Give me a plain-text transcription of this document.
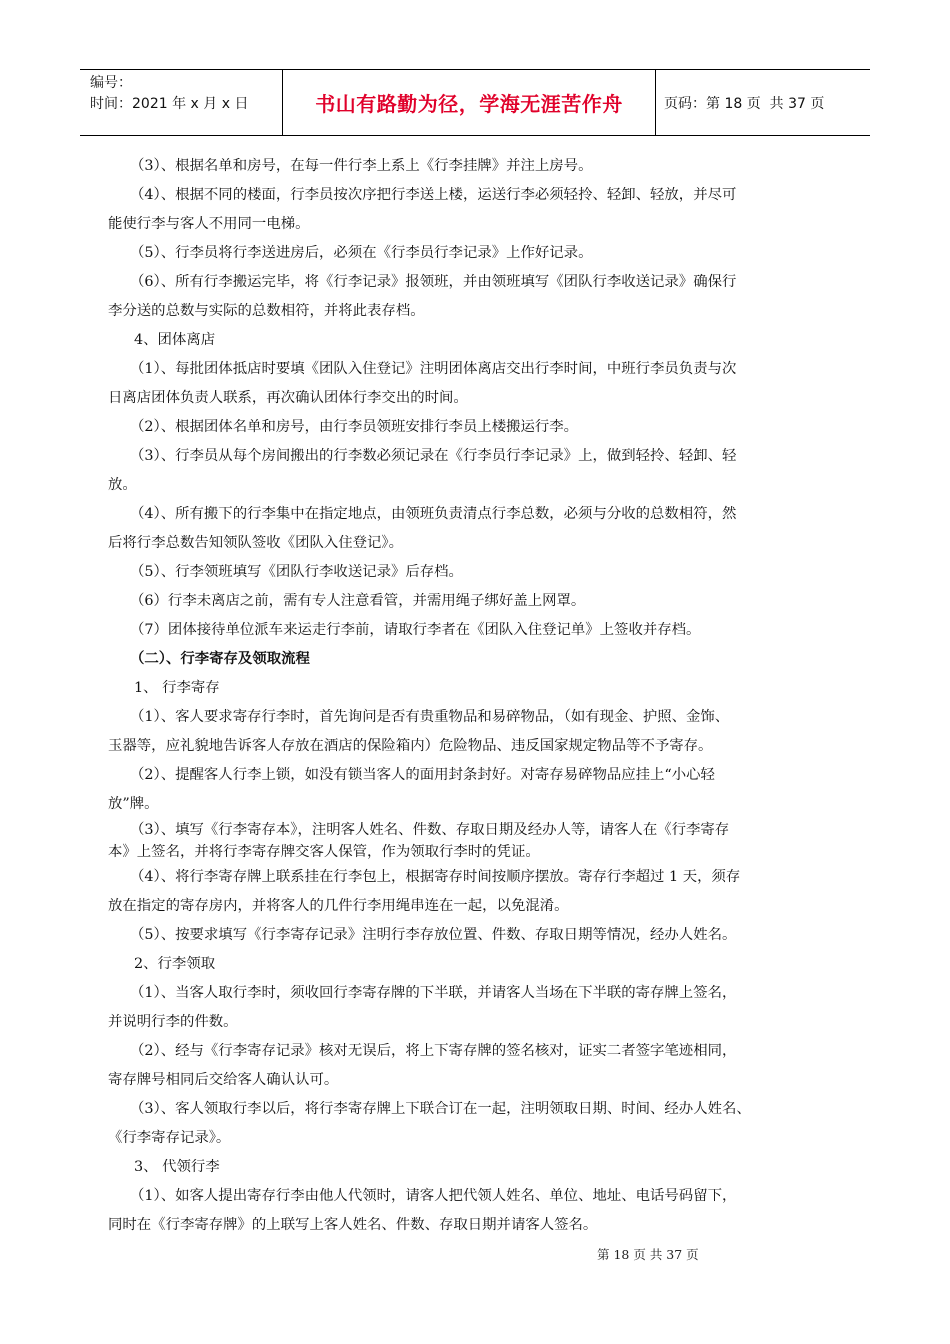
编号：
时间：2021 年 x 月 x 日	书山有路勤为径，学海无涯苦作舟	页码：第 18 页  共 37 页

（3）、根据名单和房号，在每一件行李上系上《行李挂牌》并注上房号。

（4）、根据不同的楼面，行李员按次序把行李送上楼，运送行李必须轻拎、轻卸、轻放，并尽可

能使行李与客人不用同一电梯。

（5）、行李员将行李送进房后，必须在《行李员行李记录》上作好记录。

（6）、所有行李搬运完毕，将《行李记录》报领班，并由领班填写《团队行李收送记录》确保行

李分送的总数与实际的总数相符，并将此表存档。

4、团体离店

（1）、每批团体抵店时要填《团队入住登记》注明团体离店交出行李时间，中班行李员负责与次

日离店团体负责人联系，再次确认团体行李交出的时间。

（2）、根据团体名单和房号，由行李员领班安排行李员上楼搬运行李。

（3）、行李员从每个房间搬出的行李数必须记录在《行李员行李记录》上，做到轻拎、轻卸、轻

放。

（4）、所有搬下的行李集中在指定地点，由领班负责清点行李总数，必须与分收的总数相符，然

后将行李总数告知领队签收《团队入住登记》。

（5）、行李领班填写《团队行李收送记录》后存档。

（6）行李未离店之前，需有专人注意看管，并需用绳子绑好盖上网罩。

（7）团体接待单位派车来运走行李前，请取行李者在《团队入住登记单》上签收并存档。

（二）、行李寄存及领取流程

1、 行李寄存

（1）、客人要求寄存行李时，首先询问是否有贵重物品和易碎物品，（如有现金、护照、金饰、

玉器等，应礼貌地告诉客人存放在酒店的保险箱内）危险物品、违反国家规定物品等不予寄存。

（2）、提醒客人行李上锁，如没有锁当客人的面用封条封好。对寄存易碎物品应挂上“小心轻

放”牌。

（3）、填写《行李寄存本》，注明客人姓名、件数、存取日期及经办人等，请客人在《行李寄存

本》上签名，并将行李寄存牌交客人保管，作为领取行李时的凭证。

（4）、将行李寄存牌上联系挂在行李包上，根据寄存时间按顺序摆放。寄存行李超过 1 天，须存

放在指定的寄存房内，并将客人的几件行李用绳串连在一起，以免混淆。

（5）、按要求填写《行李寄存记录》注明行李存放位置、件数、存取日期等情况，经办人姓名。

2、行李领取

（1）、当客人取行李时，须收回行李寄存牌的下半联，并请客人当场在下半联的寄存牌上签名，

并说明行李的件数。

（2）、经与《行李寄存记录》核对无误后，将上下寄存牌的签名核对，证实二者签字笔迹相同，

寄存牌号相同后交给客人确认认可。

（3）、客人领取行李以后，将行李寄存牌上下联合订在一起，注明领取日期、时间、经办人姓名、

《行李寄存记录》。

3、 代领行李

（1）、如客人提出寄存行李由他人代领时，请客人把代领人姓名、单位、地址、电话号码留下，

同时在《行李寄存牌》的上联写上客人姓名、件数、存取日期并请客人签名。

第 18 页 共 37 页
